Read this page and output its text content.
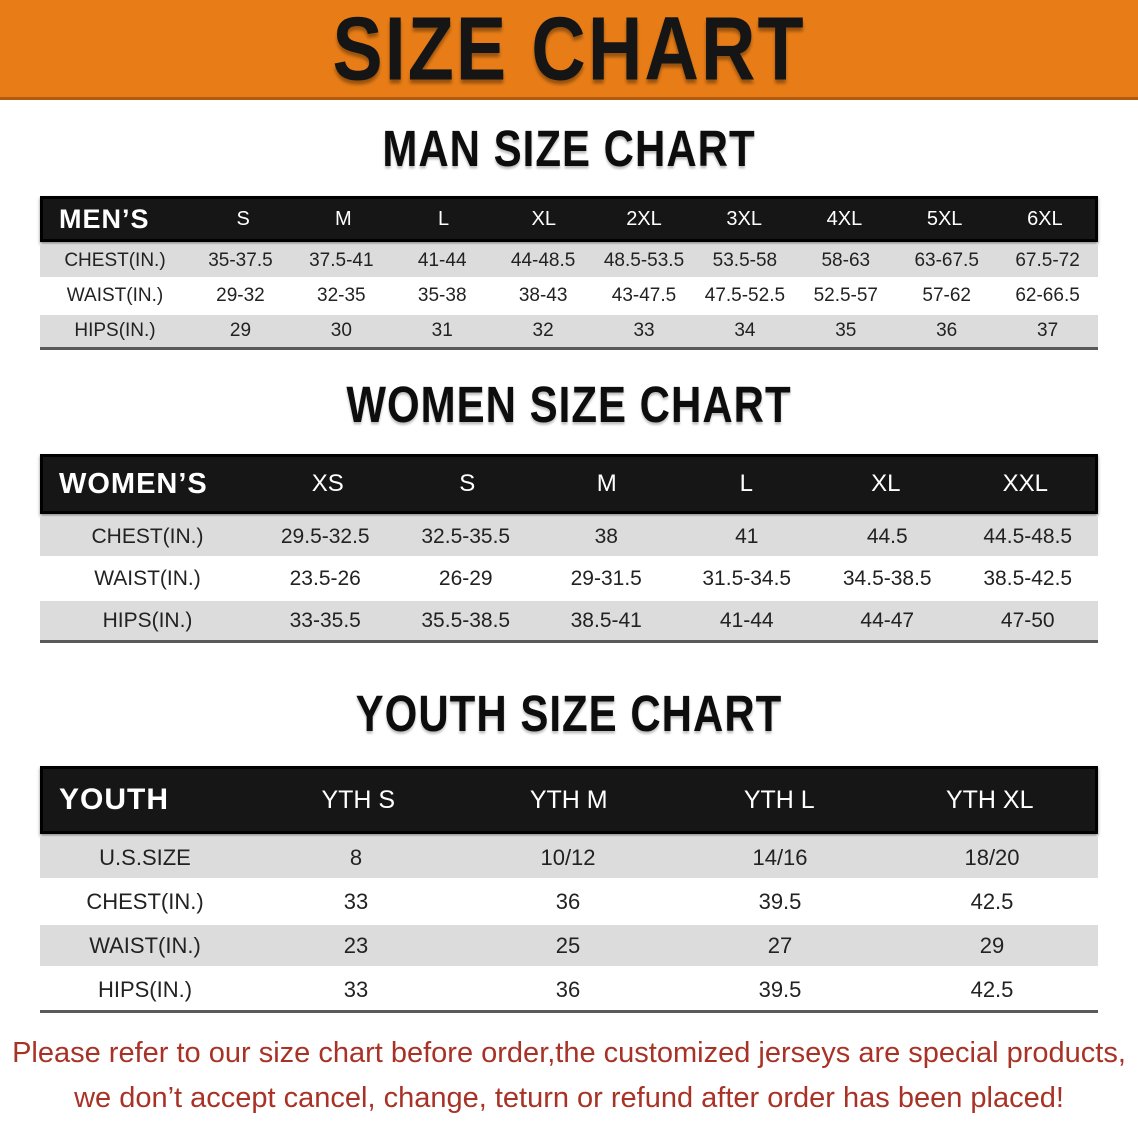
SIZE CHART
MAN SIZE CHART
MEN’S	S	M	L	XL	2XL	3XL	4XL	5XL	6XL
CHEST(IN.)	35-37.5	37.5-41	41-44	44-48.5	48.5-53.5	53.5-58	58-63	63-67.5	67.5-72
WAIST(IN.)	29-32	32-35	35-38	38-43	43-47.5	47.5-52.5	52.5-57	57-62	62-66.5
HIPS(IN.)	29	30	31	32	33	34	35	36	37
WOMEN SIZE CHART
WOMEN’S	XS	S	M	L	XL	XXL
CHEST(IN.)	29.5-32.5	32.5-35.5	38	41	44.5	44.5-48.5
WAIST(IN.)	23.5-26	26-29	29-31.5	31.5-34.5	34.5-38.5	38.5-42.5
HIPS(IN.)	33-35.5	35.5-38.5	38.5-41	41-44	44-47	47-50
YOUTH SIZE CHART
YOUTH	YTH S	YTH M	YTH L	YTH XL
U.S.SIZE	8	10/12	14/16	18/20
CHEST(IN.)	33	36	39.5	42.5
WAIST(IN.)	23	25	27	29
HIPS(IN.)	33	36	39.5	42.5
Please refer to our size chart before order,the customized jerseys are special products,
we don’t accept cancel, change, teturn or refund after order has been placed!
